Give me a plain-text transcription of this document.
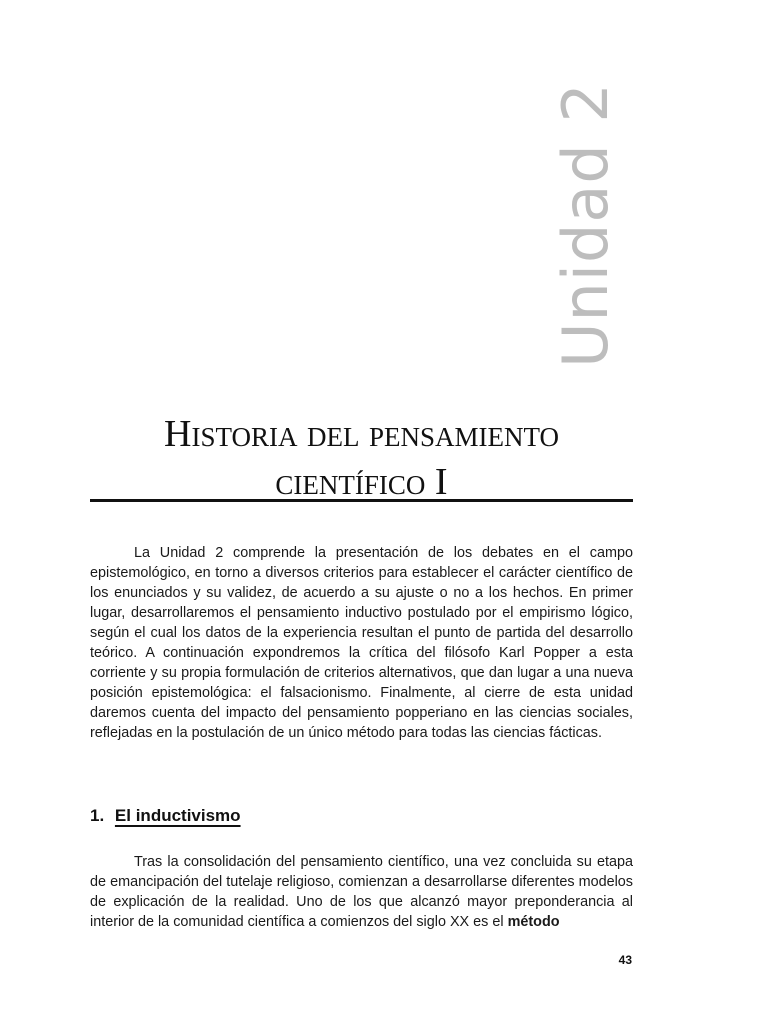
Unidad 2
Historia del pensamiento
científico I

La Unidad 2 comprende la presentación de los debates en el campo epistemológico, en torno a diversos criterios para establecer el carácter científico de los enunciados y su validez, de acuerdo a su ajuste o no a los hechos. En primer lugar, desarrollaremos el pensamiento inductivo postulado por el empirismo lógico, según el cual los datos de la experiencia resultan el punto de partida del desarrollo teórico. A continuación expondremos la crítica del filósofo Karl Popper a esta corriente y su propia formulación de criterios alternativos, que dan lugar a una nueva posición epistemológica: el falsacionismo. Finalmente, al cierre de esta unidad daremos cuenta del impacto del pensamiento popperiano en las ciencias sociales, reflejadas en la postulación de un único método para todas las ciencias fácticas.

1. El inductivismo

Tras la consolidación del pensamiento científico, una vez concluida su etapa de emancipación del tutelaje religioso, comienzan a desarrollarse diferentes modelos de explicación de la realidad. Uno de los que alcanzó mayor preponderancia al interior de la comunidad científica a comienzos del siglo XX es el método

43
